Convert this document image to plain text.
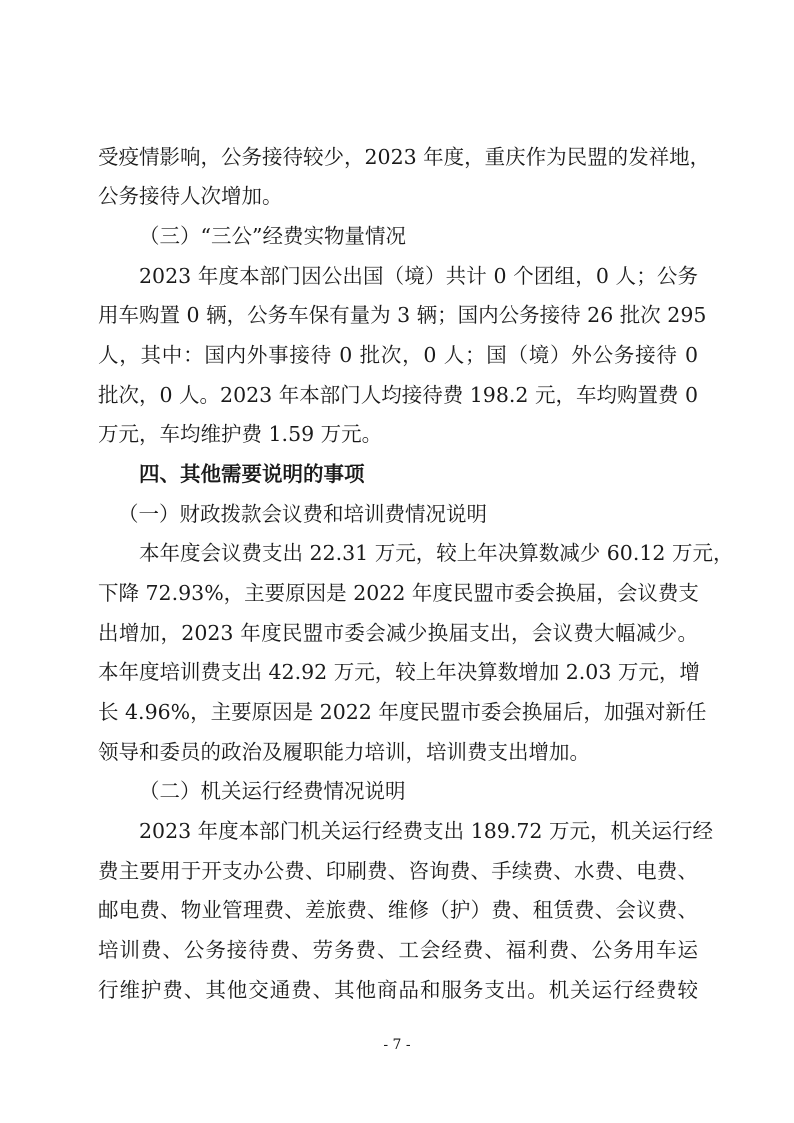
受疫情影响，公务接待较少，2023 年度，重庆作为民盟的发祥地，
公务接待人次增加。
（三）“三公”经费实物量情况
2023 年度本部门因公出国（境）共计 0 个团组，0 人；公务
用车购置 0 辆，公务车保有量为 3 辆；国内公务接待 26 批次 295
人，其中：国内外事接待 0 批次，0 人；国（境）外公务接待 0
批次，0 人。2023 年本部门人均接待费 198.2 元，车均购置费 0
万元，车均维护费 1.59 万元。
四、其他需要说明的事项
（一）财政拨款会议费和培训费情况说明
本年度会议费支出 22.31 万元，较上年决算数减少 60.12 万元，
下降 72.93%，主要原因是 2022 年度民盟市委会换届，会议费支
出增加，2023 年度民盟市委会减少换届支出，会议费大幅减少。
本年度培训费支出 42.92 万元，较上年决算数增加 2.03 万元，增
长 4.96%，主要原因是 2022 年度民盟市委会换届后，加强对新任
领导和委员的政治及履职能力培训，培训费支出增加。
（二）机关运行经费情况说明
2023 年度本部门机关运行经费支出 189.72 万元，机关运行经
费主要用于开支办公费、印刷费、咨询费、手续费、水费、电费、
邮电费、物业管理费、差旅费、维修（护）费、租赁费、会议费、
培训费、公务接待费、劳务费、工会经费、福利费、公务用车运
行维护费、其他交通费、其他商品和服务支出。机关运行经费较
- 7 -
